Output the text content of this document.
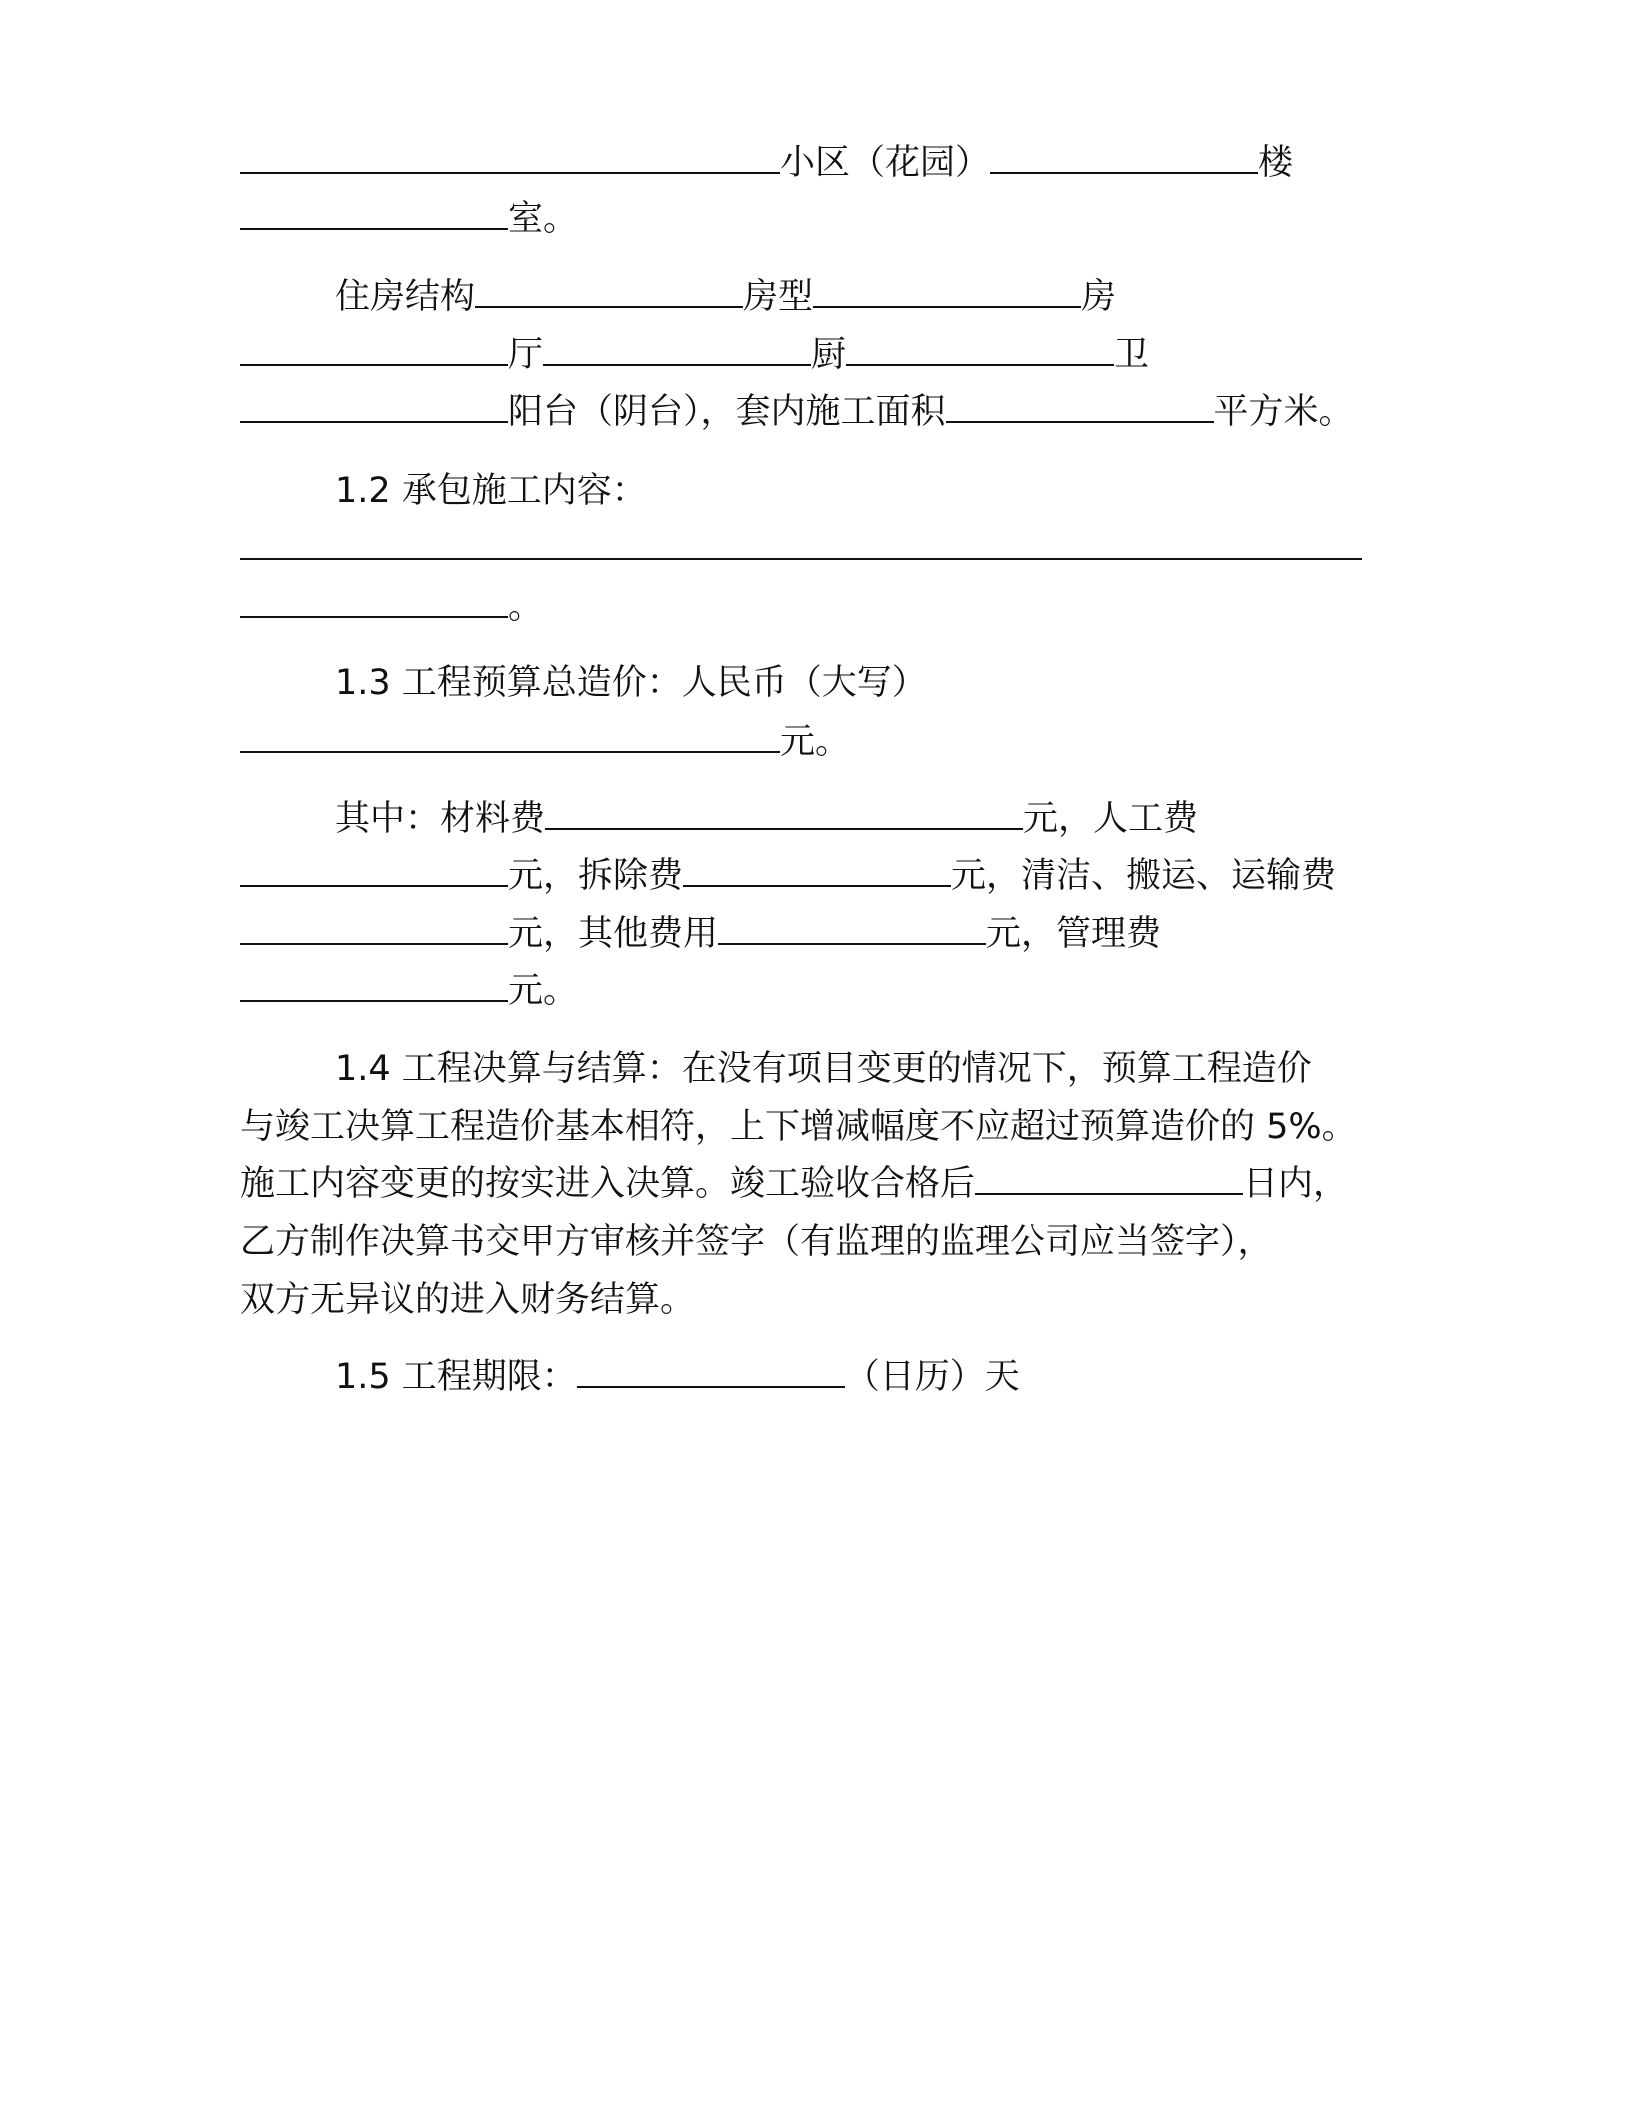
小区（花园）	楼
室。
住房结构	房型	房
厅	厨	卫
阳台（阴台），套内施工面积	平方米。
1.2 承包施工内容：
。
1.3 工程预算总造价：人民币（大写）
元。
其中：材料费	元，人工费
元，拆除费	元，清洁、搬运、运输费
元，其他费用	元，管理费
元。
1.4 工程决算与结算：在没有项目变更的情况下，预算工程造价
与竣工决算工程造价基本相符，上下增减幅度不应超过预算造价的 5%。
施工内容变更的按实进入决算。竣工验收合格后	日内，
乙方制作决算书交甲方审核并签字（有监理的监理公司应当签字），
双方无异议的进入财务结算。
1.5 工程期限：	（日历）天
